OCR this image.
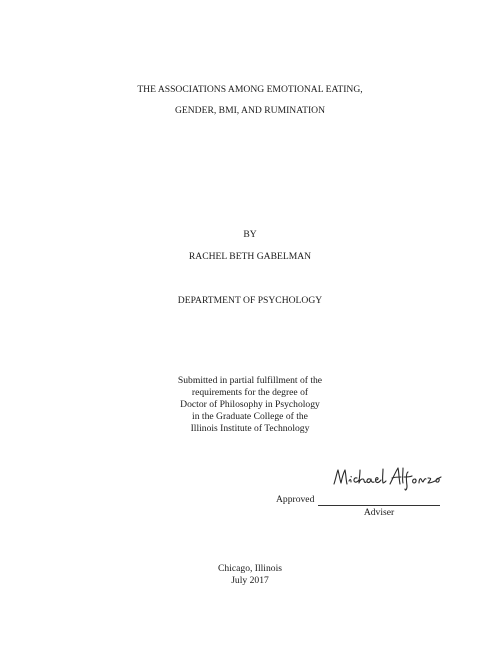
THE ASSOCIATIONS AMONG EMOTIONAL EATING,
GENDER, BMI, AND RUMINATION
BY
RACHEL BETH GABELMAN
DEPARTMENT OF PSYCHOLOGY
Submitted in partial fulfillment of the
requirements for the degree of
Doctor of Philosophy in Psychology
in the Graduate College of the
Illinois Institute of Technology
Approved
Adviser
Chicago, Illinois
July 2017
